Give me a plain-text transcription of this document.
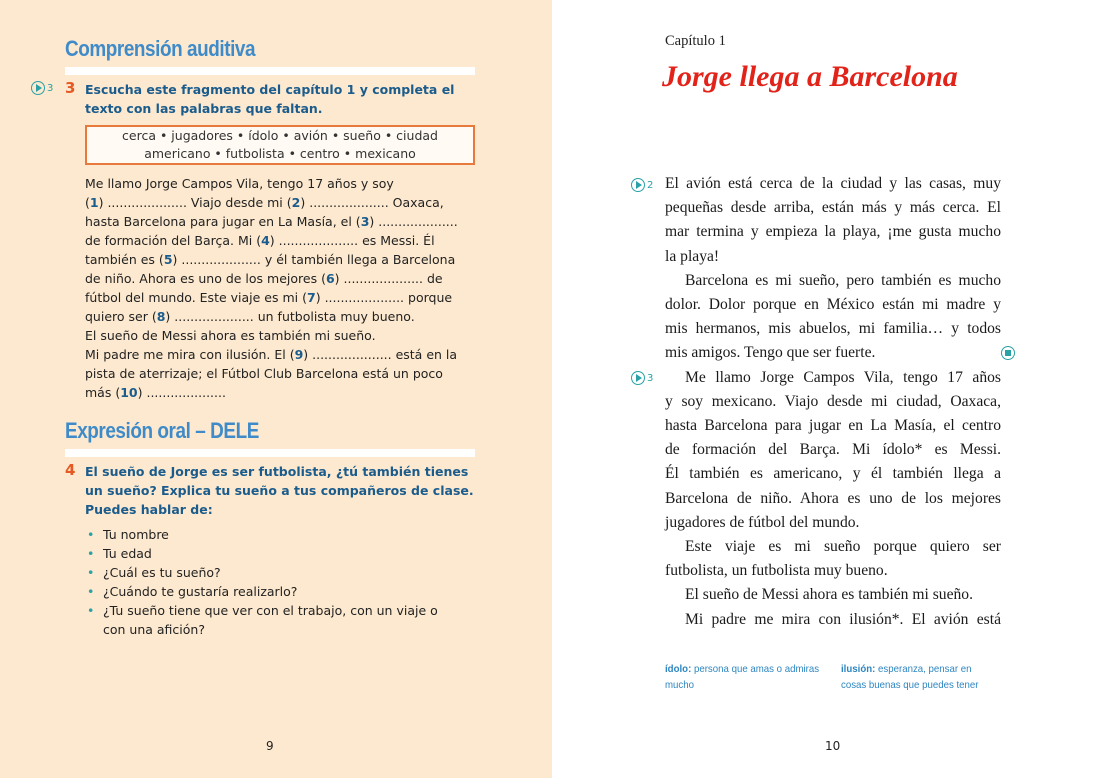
Comprensión auditiva
3 3 Escucha este fragmento del capítulo 1 y completa el
texto con las palabras que faltan.

cerca • jugadores • ídolo • avión • sueño • ciudad
americano • futbolista • centro • mexicano

Me llamo Jorge Campos Vila, tengo 17 años y soy
(1) .................... Viajo desde mi (2) .................... Oaxaca,
hasta Barcelona para jugar en La Masía, el (3) ....................
de formación del Barça. Mi (4) .................... es Messi. Él
también es (5) .................... y él también llega a Barcelona
de niño. Ahora es uno de los mejores (6) .................... de
fútbol del mundo. Este viaje es mi (7) .................... porque
quiero ser (8) .................... un futbolista muy bueno.
El sueño de Messi ahora es también mi sueño.
Mi padre me mira con ilusión. El (9) .................... está en la
pista de aterrizaje; el Fútbol Club Barcelona está un poco
más (10) ....................

Expresión oral – DELE
4 El sueño de Jorge es ser futbolista, ¿tú también tienes
un sueño? Explica tu sueño a tus compañeros de clase.
Puedes hablar de:

• Tu nombre
• Tu edad
• ¿Cuál es tu sueño?
• ¿Cuándo te gustaría realizarlo?
• ¿Tu sueño tiene que ver con el trabajo, con un viaje o
con una afición?
9
Capítulo 1
Jorge llega a Barcelona
2
3
El avión está cerca de la ciudad y las casas, muy
pequeñas desde arriba, están más y más cerca. El
mar termina y empieza la playa, ¡me gusta mucho
la playa!
Barcelona es mi sueño, pero también es mucho
dolor. Dolor porque en México están mi madre y
mis hermanos, mis abuelos, mi familia… y todos
mis amigos. Tengo que ser fuerte.
Me llamo Jorge Campos Vila, tengo 17 años
y soy mexicano. Viajo desde mi ciudad, Oaxaca,
hasta Barcelona para jugar en La Masía, el centro
de formación del Barça. Mi ídolo* es Messi.
Él también es americano, y él también llega a
Barcelona de niño. Ahora es uno de los mejores
jugadores de fútbol del mundo.
Este viaje es mi sueño porque quiero ser
futbolista, un futbolista muy bueno.
El sueño de Messi ahora es también mi sueño.
Mi padre me mira con ilusión*. El avión está
ídolo: persona que amas o admiras mucho
ilusión: esperanza, pensar en cosas buenas que puedes tener
10
